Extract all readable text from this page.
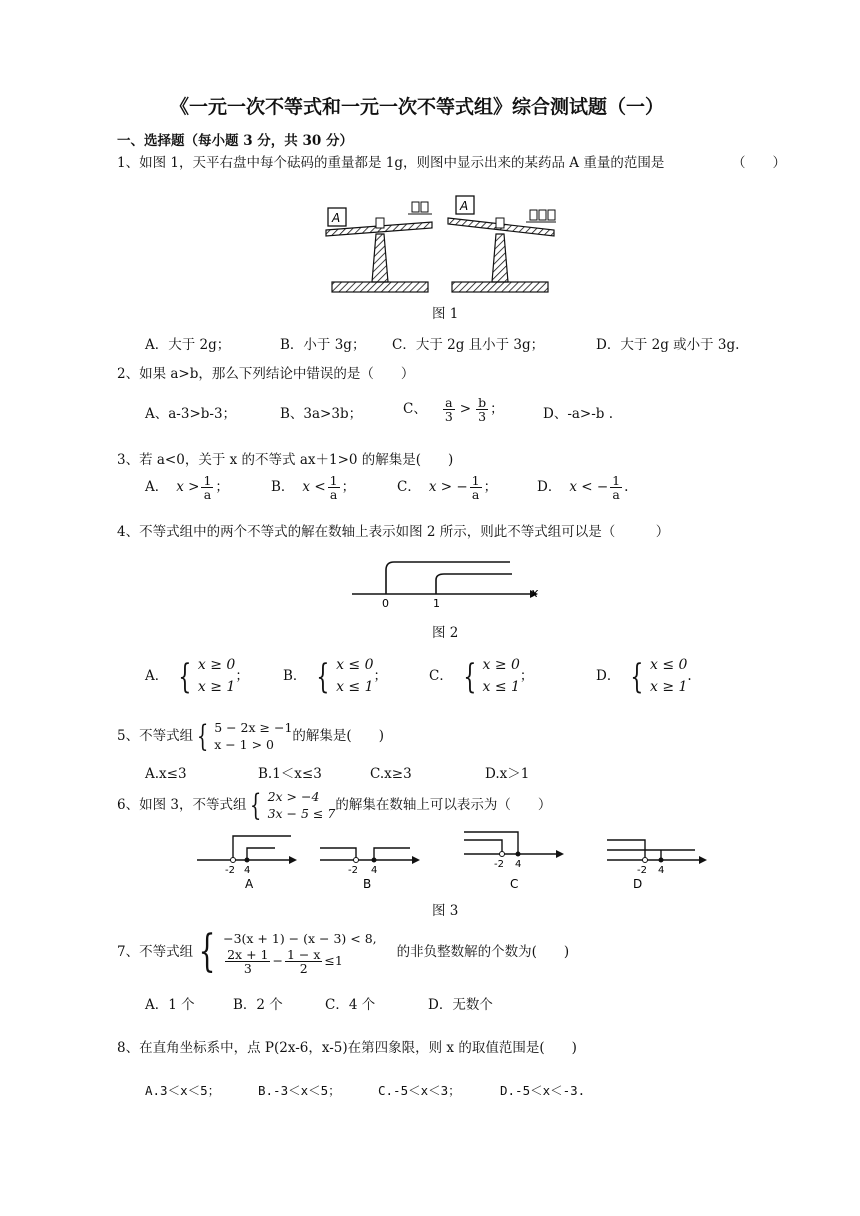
《一元一次不等式和一元一次不等式组》综合测试题（一）
一、选择题（每小题 3 分，共 30 分）
1、如图 1，天平右盘中每个砝码的重量都是 1g，则图中显示出来的某药品 A 重量的范围是	（　　）
A
A
图 1
A．大于 2g；	B．小于 3g； C．大于 2g 且小于 3g；	D．大于 2g 或小于 3g.
2、如果 a>b，那么下列结论中错误的是（　　）
A、a-3>b-3；	B、3a>3b；	C、 $\frac{a}{3} > \frac{b}{3}$ ；	D、-a>-b .
3、若 a<0，关于 x 的不等式 ax＋1>0 的解集是(　　)
A． $x > \frac{1}{a}$ ；	B． $x < \frac{1}{a}$ ；	C． x > − $\frac{1}{a}$ ；	D． x < − $\frac{1}{a}$ .
4、不等式组中的两个不等式的解在数轴上表示如图 2 所示，则此不等式组可以是（　　　）
0	1
x
图 2
A． { x ≥ 0
x ≥ 1
；	B． { x ≤ 0
x ≤ 1
；	C． { x ≥ 0
x ≤ 1
；	D． { x ≤ 0
x ≥ 1
.
5、不等式组 { 5 − 2x ≥ −1
x − 1 > 0
的解集是(　　)
A.x≤3	B.1＜x≤3	C.x≥3	D.x＞1
6、如图 3，不等式组 { 2x > −4
3x − 5 ≤ 7
的解集在数轴上可以表示为（　　）
-2 4
A
-2 4
B
-2 4
C
-2 4
D
图 3
7、不等式组 { −3(x + 1) − (x − 3) < 8,
$\frac{2x + 1}{3} - \frac{1 - x}{2} \le 1$
的非负整数解的个数为(　　)
A．1 个	B．2 个	C．4 个	D．无数个
8、在直角坐标系中，点 P(2x-6，x-5)在第四象限，则 x 的取值范围是(　　)
A.3＜x＜5；	B.-3＜x＜5；	C.-5＜x＜3；	D.-5＜x＜-3.
